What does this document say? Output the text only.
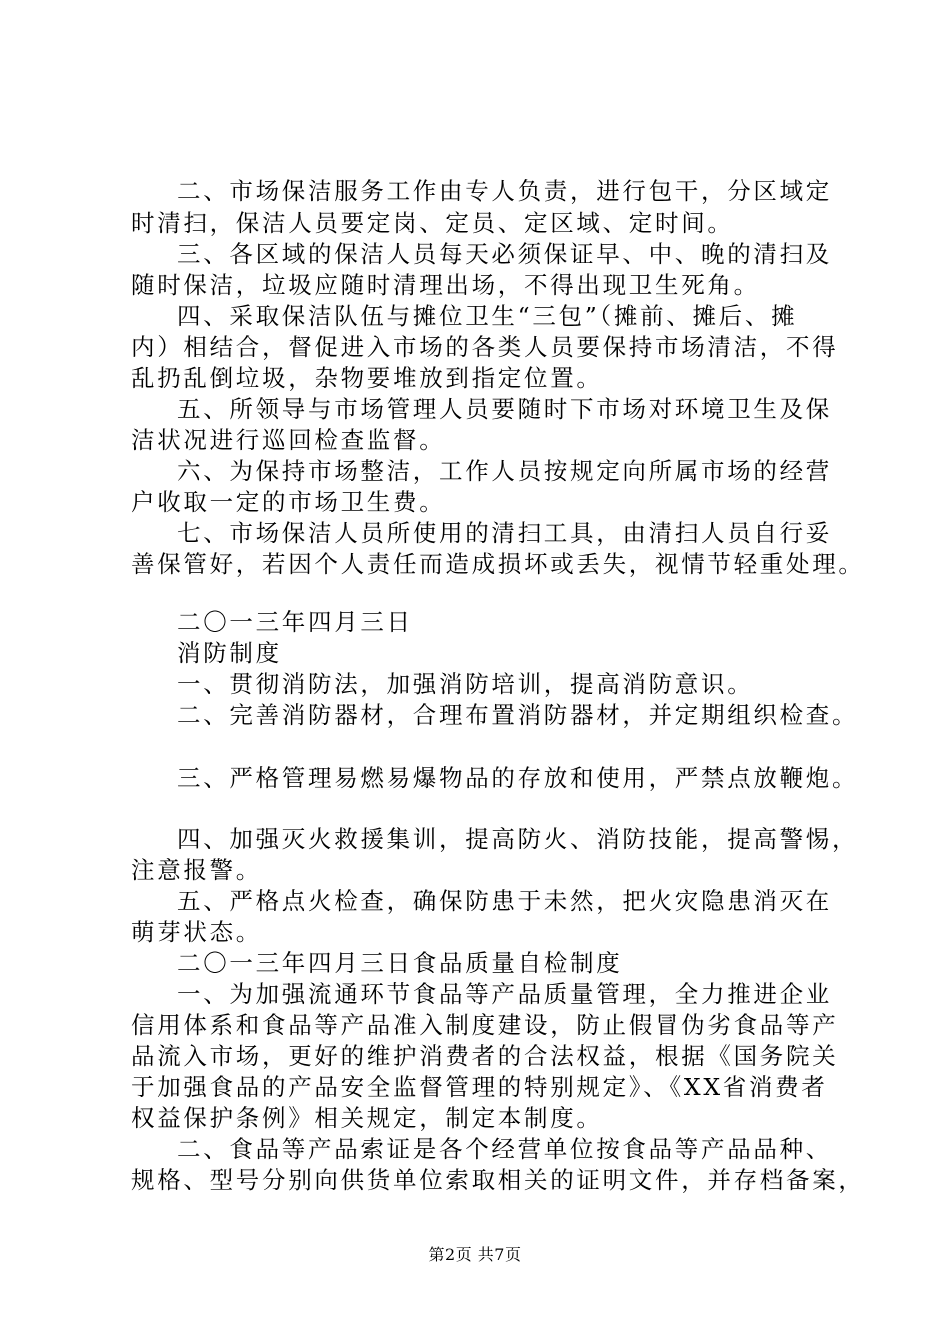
二、市场保洁服务工作由专人负责，进行包干，分区域定
时清扫，保洁人员要定岗、定员、定区域、定时间。
三、各区域的保洁人员每天必须保证早、中、晚的清扫及
随时保洁，垃圾应随时清理出场，不得出现卫生死角。
四、采取保洁队伍与摊位卫生“三包”（摊前、摊后、摊
内）相结合，督促进入市场的各类人员要保持市场清洁，不得
乱扔乱倒垃圾，杂物要堆放到指定位置。
五、所领导与市场管理人员要随时下市场对环境卫生及保
洁状况进行巡回检查监督。
六、为保持市场整洁，工作人员按规定向所属市场的经营
户收取一定的市场卫生费。
七、市场保洁人员所使用的清扫工具，由清扫人员自行妥
善保管好，若因个人责任而造成损坏或丢失，视情节轻重处理。
二〇一三年四月三日
消防制度
一、贯彻消防法，加强消防培训，提高消防意识。
二、完善消防器材，合理布置消防器材，并定期组织检查。
三、严格管理易燃易爆物品的存放和使用，严禁点放鞭炮。
四、加强灭火救援集训，提高防火、消防技能，提高警惕，
注意报警。
五、严格点火检查，确保防患于未然，把火灾隐患消灭在
萌芽状态。
二〇一三年四月三日食品质量自检制度
一、为加强流通环节食品等产品质量管理，全力推进企业
信用体系和食品等产品准入制度建设，防止假冒伪劣食品等产
品流入市场，更好的维护消费者的合法权益，根据《国务院关
于加强食品的产品安全监督管理的特别规定》、《XX省消费者
权益保护条例》相关规定，制定本制度。
二、食品等产品索证是各个经营单位按食品等产品品种、
规格、型号分别向供货单位索取相关的证明文件，并存档备案，
第2页 共7页
